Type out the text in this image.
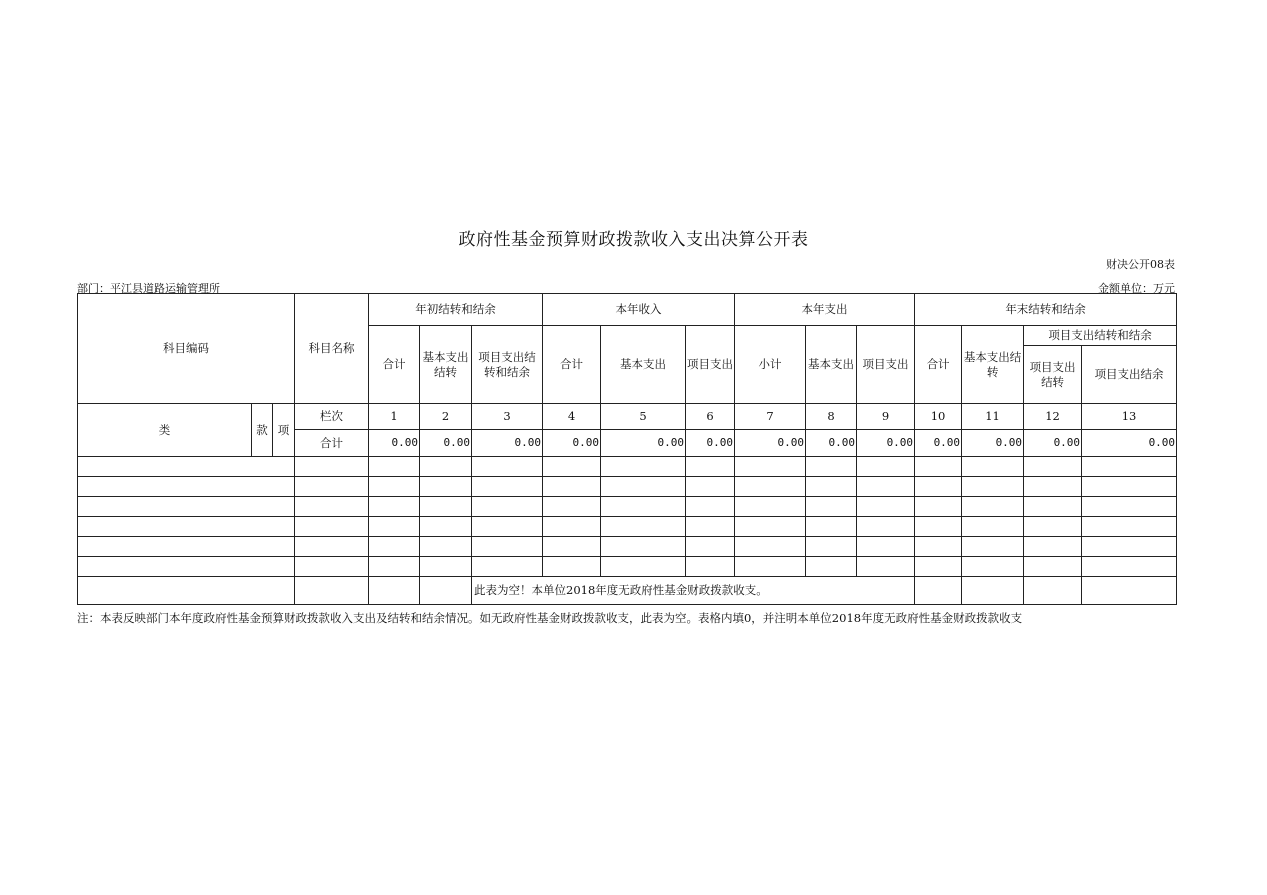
政府性基金预算财政拨款收入支出决算公开表
财决公开08表
部门：平江县道路运输管理所	金额单位：万元
科目编码			科目名称	年初结转和结余			本年收入			本年支出			年末结转和结余			
				合计	基本支出结转	项目支出结转和结余	合计	基本支出	项目支出	小计	基本支出	项目支出	合计	基本支出结转	项目支出结转和结余	
															项目支出结转	项目支出结余
类	款	项	栏次	1	2	3	4	5	6	7	8	9	10	11	12	13
			合计	0.00	0.00	0.00	0.00	0.00	0.00	0.00	0.00	0.00	0.00	0.00	0.00	0.00

						此表为空！本单位2018年度无政府性基金财政拨款收支。										
注：本表反映部门本年度政府性基金预算财政拨款收入支出及结转和结余情况。如无政府性基金财政拨款收支，此表为空。表格内填0，并注明本单位2018年度无政府性基金财政拨款收支
